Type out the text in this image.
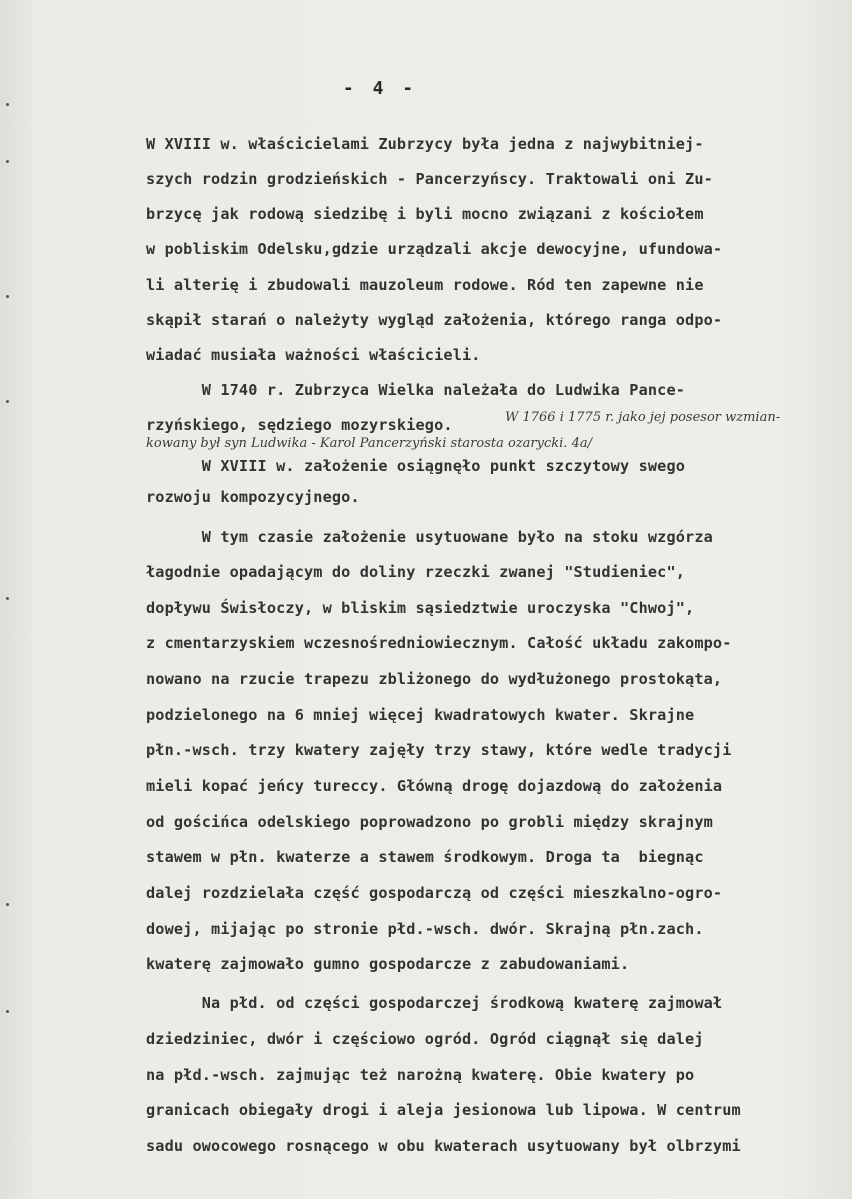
- 4 -
W XVIII w. właścicielami Zubrzycy była jedna z najwybitniej-
szych rodzin grodzieńskich - Pancerzyńscy. Traktowali oni Zu-
brzycę jak rodową siedzibę i byli mocno związani z kościołem
w pobliskim Odelsku,gdzie urządzali akcje dewocyjne, ufundowa-
li alterię i zbudowali mauzoleum rodowe. Ród ten zapewne nie
skąpił starań o należyty wygląd założenia, którego ranga odpo-
wiadać musiała ważności właścicieli.
W 1740 r. Zubrzyca Wielka należała do Ludwika Pance-
rzyńskiego, sędziego mozyrskiego.	W 1766 i 1775 r. jako jej posesor wzmian-
kowany był syn Ludwika - Karol Pancerzyński starosta ozarycki. 4a/
W XVIII w. założenie osiągnęło punkt szczytowy swego
rozwoju kompozycyjnego.
W tym czasie założenie usytuowane było na stoku wzgórza
łagodnie opadającym do doliny rzeczki zwanej "Studieniec",
dopływu Świsłoczy, w bliskim sąsiedztwie uroczyska "Chwoj",
z cmentarzyskiem wczesnośredniowiecznym. Całość układu zakompo-
nowano na rzucie trapezu zbliżonego do wydłużonego prostokąta,
podzielonego na 6 mniej więcej kwadratowych kwater. Skrajne
płn.-wsch. trzy kwatery zajęły trzy stawy, które wedle tradycji
mieli kopać jeńcy tureccy. Główną drogę dojazdową do założenia
od gościńca odelskiego poprowadzono po grobli między skrajnym
stawem w płn. kwaterze a stawem środkowym. Droga ta  biegnąc
dalej rozdzielała część gospodarczą od części mieszkalno-ogro-
dowej, mijając po stronie płd.-wsch. dwór. Skrajną płn.zach.
kwaterę zajmowało gumno gospodarcze z zabudowaniami.
Na płd. od części gospodarczej środkową kwaterę zajmował
dziedziniec, dwór i częściowo ogród. Ogród ciągnął się dalej
na płd.-wsch. zajmując też narożną kwaterę. Obie kwatery po
granicach obiegały drogi i aleja jesionowa lub lipowa. W centrum
sadu owocowego rosnącego w obu kwaterach usytuowany był olbrzymi
